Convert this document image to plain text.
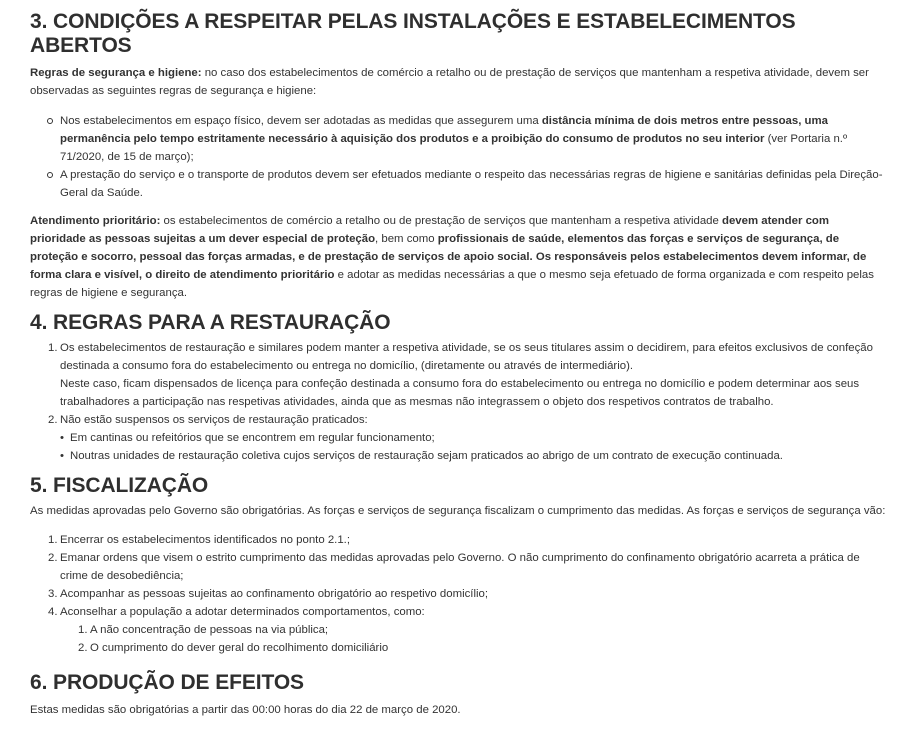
3. CONDIÇÕES A RESPEITAR PELAS INSTALAÇÕES E ESTABELECIMENTOS ABERTOS

Regras de segurança e higiene: no caso dos estabelecimentos de comércio a retalho ou de prestação de serviços que mantenham a respetiva atividade, devem ser observadas as seguintes regras de segurança e higiene:

Nos estabelecimentos em espaço físico, devem ser adotadas as medidas que assegurem uma distância mínima de dois metros entre pessoas, uma permanência pelo tempo estritamente necessário à aquisição dos produtos e a proibição do consumo de produtos no seu interior (ver Portaria n.º 71/2020, de 15 de março);
A prestação do serviço e o transporte de produtos devem ser efetuados mediante o respeito das necessárias regras de higiene e sanitárias definidas pela Direção-Geral da Saúde.

Atendimento prioritário: os estabelecimentos de comércio a retalho ou de prestação de serviços que mantenham a respetiva atividade devem atender com prioridade as pessoas sujeitas a um dever especial de proteção, bem como profissionais de saúde, elementos das forças e serviços de segurança, de proteção e socorro, pessoal das forças armadas, e de prestação de serviços de apoio social. Os responsáveis pelos estabelecimentos devem informar, de forma clara e visível, o direito de atendimento prioritário e adotar as medidas necessárias a que o mesmo seja efetuado de forma organizada e com respeito pelas regras de higiene e segurança.

4. REGRAS PARA A RESTAURAÇÃO
1. Os estabelecimentos de restauração e similares podem manter a respetiva atividade, se os seus titulares assim o decidirem, para efeitos exclusivos de confeção destinada a consumo fora do estabelecimento ou entrega no domicílio, (diretamente ou através de intermediário).
Neste caso, ficam dispensados de licença para confeção destinada a consumo fora do estabelecimento ou entrega no domicílio e podem determinar aos seus trabalhadores a participação nas respetivas atividades, ainda que as mesmas não integrassem o objeto dos respetivos contratos de trabalho.
2. Não estão suspensos os serviços de restauração praticados:
• Em cantinas ou refeitórios que se encontrem em regular funcionamento;
• Noutras unidades de restauração coletiva cujos serviços de restauração sejam praticados ao abrigo de um contrato de execução continuada.
5. FISCALIZAÇÃO

As medidas aprovadas pelo Governo são obrigatórias. As forças e serviços de segurança fiscalizam o cumprimento das medidas. As forças e serviços de segurança vão:

1. Encerrar os estabelecimentos identificados no ponto 2.1.;
2. Emanar ordens que visem o estrito cumprimento das medidas aprovadas pelo Governo. O não cumprimento do confinamento obrigatório acarreta a prática de crime de desobediência;
3. Acompanhar as pessoas sujeitas ao confinamento obrigatório ao respetivo domicílio;
4. Aconselhar a população a adotar determinados comportamentos, como:
1. A não concentração de pessoas na via pública;
2. O cumprimento do dever geral do recolhimento domiciliário
6. PRODUÇÃO DE EFEITOS

Estas medidas são obrigatórias a partir das 00:00 horas do dia 22 de março de 2020.
